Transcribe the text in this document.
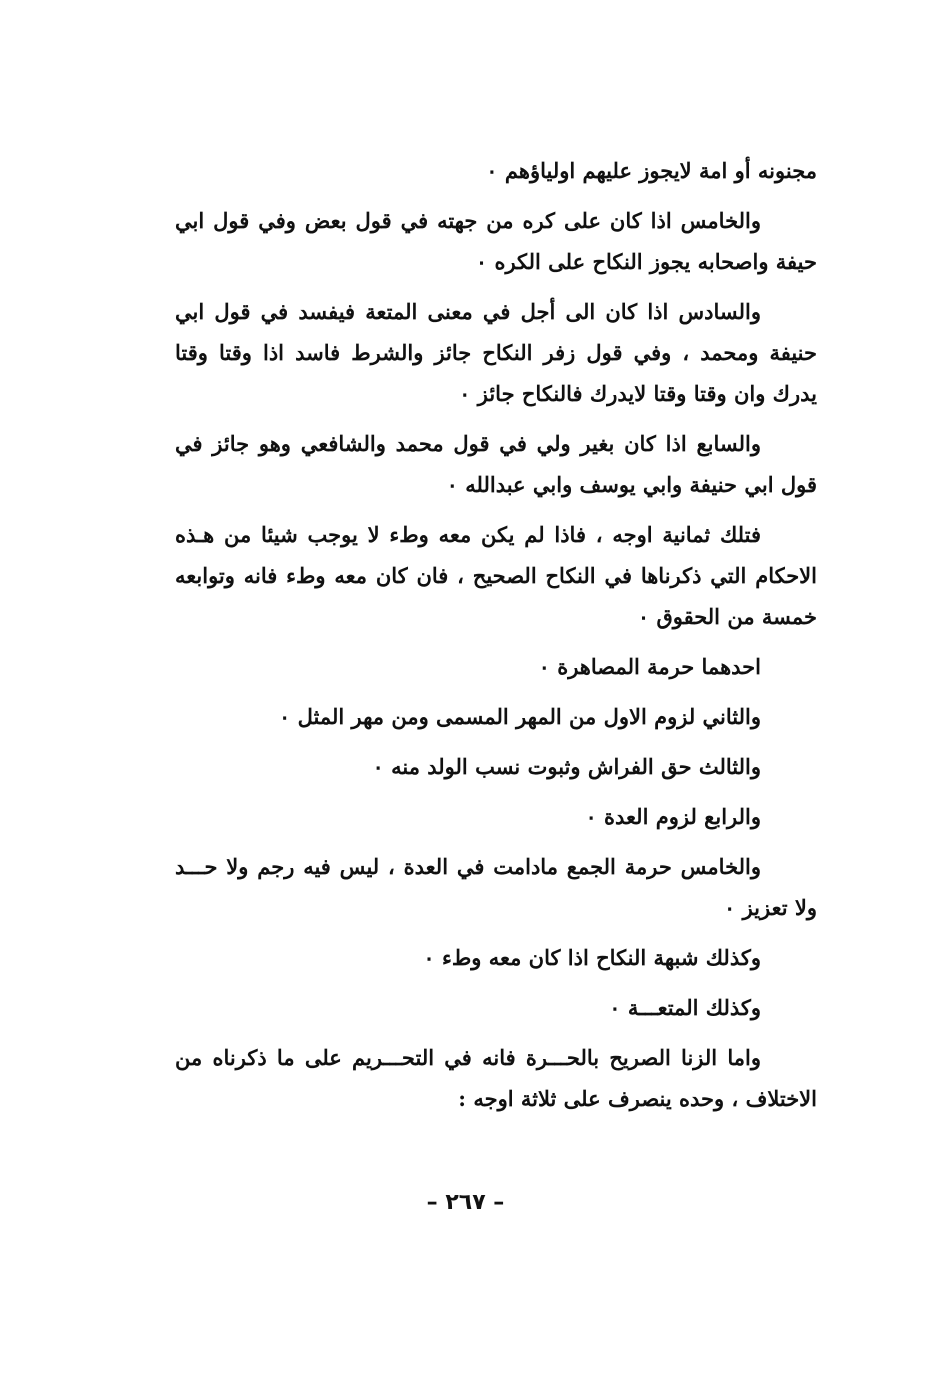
مجنونه أو امة لايجوز عليهم اولياؤهم ٠

والخامس اذا كان على كره من جهته في قول بعض وفي قول ابي حيفة واصحابه يجوز النكاح على الكره ٠

والسادس اذا كان الى أجل في معنى المتعة فيفسد في قول ابي حنيفة ومحمد ، وفي قول زفر النكاح جائز والشرط فاسد اذا وقتا وقتا يدرك وان وقتا وقتا لايدرك فالنكاح جائز ٠

والسابع اذا كان بغير ولي في قول محمد والشافعي وهو جائز في قول ابي حنيفة وابي يوسف وابي عبدالله ٠

فتلك ثمانية اوجه ، فاذا لم يكن معه وطء لا يوجب شيئا من هـذه الاحكام التي ذكرناها في النكاح الصحيح ، فان كان معه وطء فانه وتوابعه خمسة من الحقوق ٠

احدهما حرمة المصاهرة ٠

والثاني لزوم الاول من المهر المسمى ومن مهر المثل ٠

والثالث حق الفراش وثبوت نسب الولد منه ٠

والرابع لزوم العدة ٠

والخامس حرمة الجمع مادامت في العدة ، ليس فيه رجم ولا حـــد ولا تعزيز ٠

وكذلك شبهة النكاح اذا كان معه وطء ٠

وكذلك المتعـــة ٠

واما الزنا الصريح بالحـــرة فانه في التحـــريم على ما ذكرناه من الاختلاف ، وحده ينصرف على ثلاثة اوجه :

– ٢٦٧ –
